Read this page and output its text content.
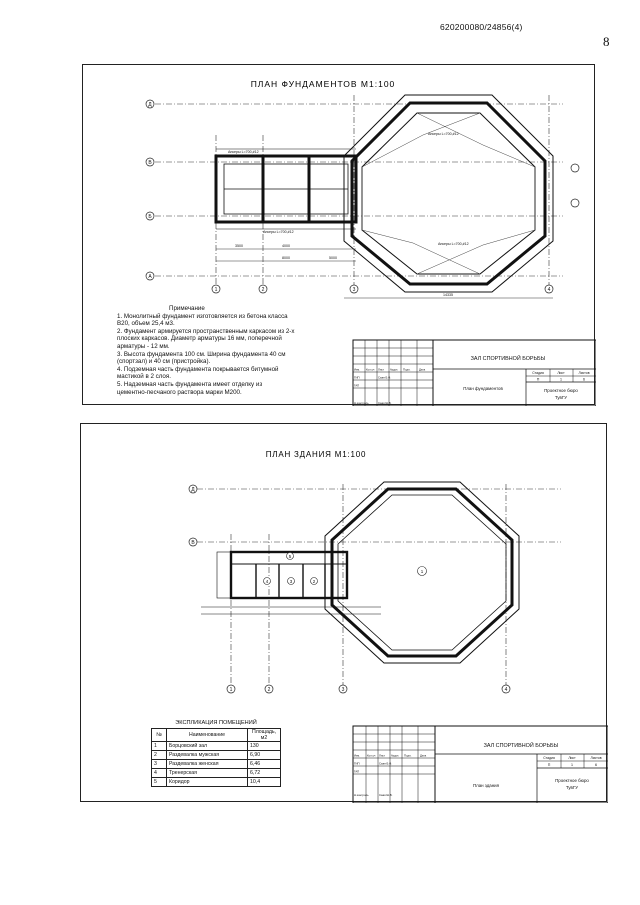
620200080/24856(4)
8
ПЛАН ФУНДАМЕНТОВ М1:100
Д
В
Б
А
1	2	3	4
Анкеры L=700,#12
Анкеры L=700,#12
Анкеры L=700,#12
Анкеры L=700,#12
3500	4000
8000
14335
5000
ЗАЛ СПОРТИВНОЙ БОРЬБЫ
План фундаментов	Проектное бюро
ТувГУ
Стадия	Лист	Листов
П	1	6
Изм. Кол.уч Лист №док Подп.	Дата
ГИП
ГАП
Н.контроль
Саая Б.Ф.
Саая Ш.В.
Примечание
1. Монолитный фундамент изготовляется из бетона класса
В20, объем 25,4 м3.
2. Фундамент армируется пространственным каркасом из 2-х
плоских каркасов. Диаметр арматуры 16 мм, поперечной
арматуры - 12 мм.
3. Высота фундамента 100 см. Ширина фундамента 40 см
(спортзал) и 40 см (пристройка).
4. Подземная часть фундамента покрывается битумной
мастикой в 2 слоя.
5. Надземная часть фундамента имеет отделку из
цементно-песчаного раствора марки М200.
ПЛАН ЗДАНИЯ М1:100
Д
В
1	2	3	4
1
2
3
4
5
ЗАЛ СПОРТИВНОЙ БОРЬБЫ
План здания
Проектное бюро
ТувГУ
Стадия	Лист	Листов
П	1	6
Изм.	Кол.уч Лист №док Подп.	Дата
ГИП
ГАП
Н.контроль
Саая Б.Ф.
Саая Ш.В.
ЭКСПЛИКАЦИЯ ПОМЕЩЕНИЙ
№	Наименование	Площадь, м2
1	Борцовский зал	130
2	Раздевалка мужская	6,90
3	Раздевалка женская	6,46
4	Тренерская	6,72
5	Коридор	10,4
